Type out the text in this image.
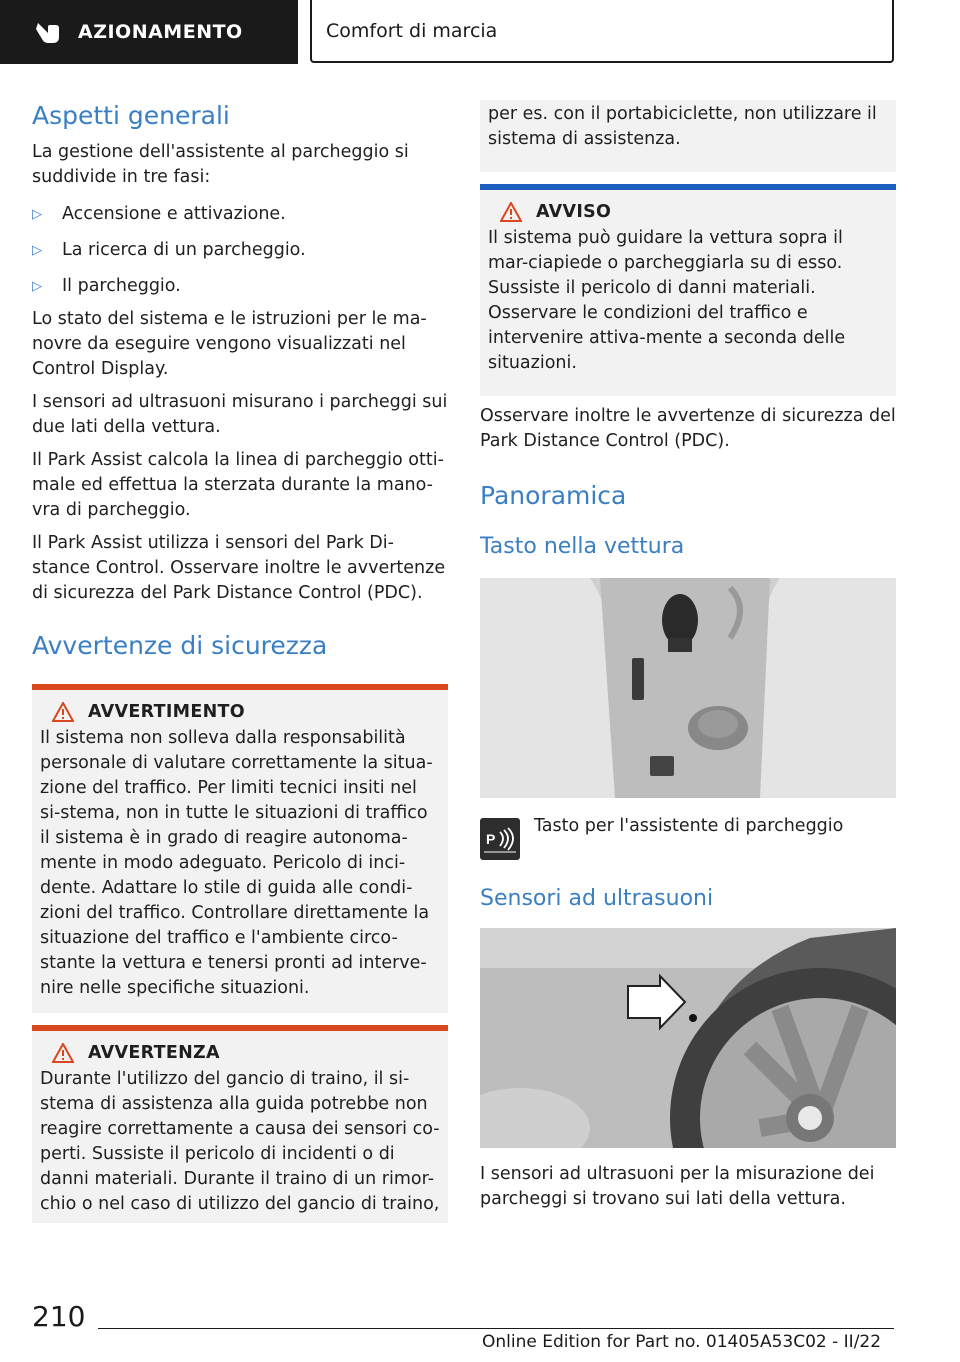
AZIONAMENTO	Comfort di marcia
Aspetti generali

La gestione dell'assistente al parcheggio si suddivide in tre fasi:

▷	Accensione e attivazione.
▷	La ricerca di un parcheggio.
▷	Il parcheggio.

Lo stato del sistema e le istruzioni per le ma-novre da eseguire vengono visualizzati nel Control Display.

I sensori ad ultrasuoni misurano i parcheggi sui due lati della vettura.

Il Park Assist calcola la linea di parcheggio otti-male ed effettua la sterzata durante la mano-vra di parcheggio.

Il Park Assist utilizza i sensori del Park Di-stance Control. Osservare inoltre le avvertenze di sicurezza del Park Distance Control (PDC).

Avvertenze di sicurezza
AVVERTIMENTO

Il sistema non solleva dalla responsabilità personale di valutare correttamente la situa-zione del traffico. Per limiti tecnici insiti nel si-stema, non in tutte le situazioni di traffico il sistema è in grado di reagire autonoma-mente in modo adeguato. Pericolo di inci-dente. Adattare lo stile di guida alle condi-zioni del traffico. Controllare direttamente la situazione del traffico e l'ambiente circo-stante la vettura e tenersi pronti ad interve-nire nelle specifiche situazioni.

AVVERTENZA

Durante l'utilizzo del gancio di traino, il si-stema di assistenza alla guida potrebbe non reagire correttamente a causa dei sensori co-perti. Sussiste il pericolo di incidenti o di danni materiali. Durante il traino di un rimor-chio o nel caso di utilizzo del gancio di traino,

per es. con il portabiciclette, non utilizzare il sistema di assistenza.

AVVISO

Il sistema può guidare la vettura sopra il mar-ciapiede o parcheggiarla su di esso. Sussiste il pericolo di danni materiali. Osservare le condizioni del traffico e intervenire attiva-mente a seconda delle situazioni.

Osservare inoltre le avvertenze di sicurezza del Park Distance Control (PDC).

Panoramica
Tasto nella vettura
P

Tasto per l'assistente di parcheggio

Sensori ad ultrasuoni

I sensori ad ultrasuoni per la misurazione dei parcheggi si trovano sui lati della vettura.

210
Online Edition for Part no. 01405A53C02 - II/22
